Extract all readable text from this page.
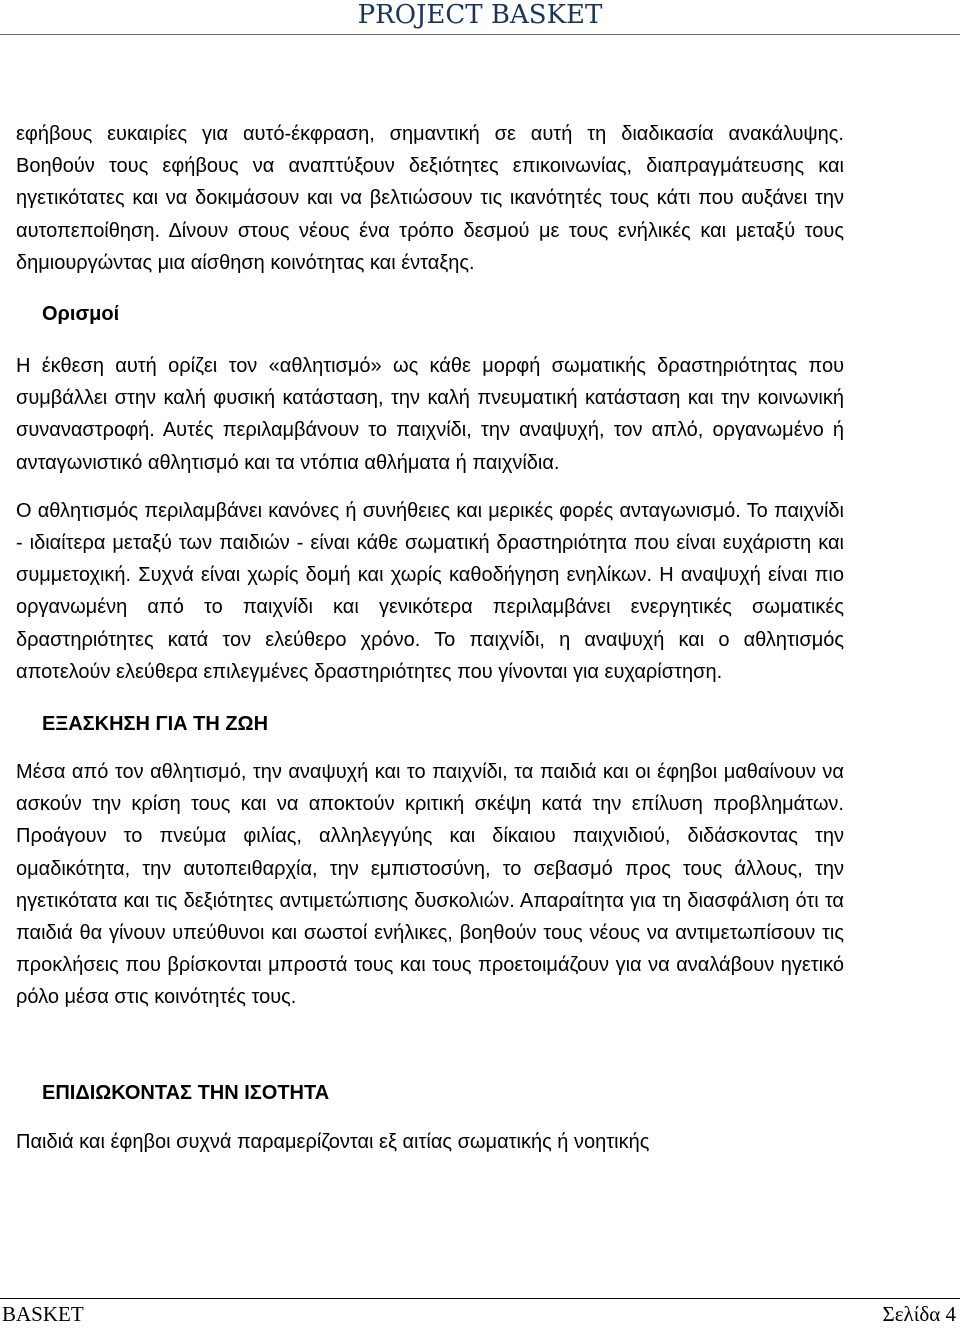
PROJECT BASKET

εφήβους ευκαιρίες για αυτό-έκφραση, σημαντική σε αυτή τη διαδικασία ανακάλυψης. Βοηθούν τους εφήβους να αναπτύξουν δεξιότητες επικοινωνίας, διαπραγμάτευσης και ηγετικότατες και να δοκιμάσουν και να βελτιώσουν τις ικανότητές τους κάτι που αυξάνει την αυτοπεποίθηση. Δίνουν στους νέους ένα τρόπο δεσμού με τους ενήλικές και μεταξύ τους δημιουργώντας μια αίσθηση κοινότητας και ένταξης.

Ορισμοί

Η έκθεση αυτή ορίζει τον «αθλητισμό» ως κάθε μορφή σωματικής δραστηριότητας που συμβάλλει στην καλή φυσική κατάσταση, την καλή πνευματική κατάσταση και την κοινωνική συναναστροφή. Αυτές περιλαμβάνουν το παιχνίδι, την αναψυχή, τον απλό, οργανωμένο ή ανταγωνιστικό αθλητισμό και τα ντόπια αθλήματα ή παιχνίδια.

Ο αθλητισμός περιλαμβάνει κανόνες ή συνήθειες και μερικές φορές ανταγωνισμό. Το παιχνίδι - ιδιαίτερα μεταξύ των παιδιών - είναι κάθε σωματική δραστηριότητα που είναι ευχάριστη και συμμετοχική. Συχνά είναι χωρίς δομή και χωρίς καθοδήγηση ενηλίκων. Η αναψυχή είναι πιο οργανωμένη από το παιχνίδι και γενικότερα περιλαμβάνει ενεργητικές σωματικές δραστηριότητες κατά τον ελεύθερο χρόνο. Το παιχνίδι, η αναψυχή και ο αθλητισμός αποτελούν ελεύθερα επιλεγμένες δραστηριότητες που γίνονται για ευχαρίστηση.

ΕΞΑΣΚΗΣΗ ΓΙΑ ΤΗ ΖΩΗ

Μέσα από τον αθλητισμό, την αναψυχή και το παιχνίδι, τα παιδιά και οι έφηβοι μαθαίνουν να ασκούν την κρίση τους και να αποκτούν κριτική σκέψη κατά την επίλυση προβλημάτων. Προάγουν το πνεύμα φιλίας, αλληλεγγύης και δίκαιου παιχνιδιού, διδάσκοντας την ομαδικότητα, την αυτοπειθαρχία, την εμπιστοσύνη, το σεβασμό προς τους άλλους, την ηγετικότατα και τις δεξιότητες αντιμετώπισης δυσκολιών. Απαραίτητα για τη διασφάλιση ότι τα παιδιά θα γίνουν υπεύθυνοι και σωστοί ενήλικες, βοηθούν τους νέους να αντιμετωπίσουν τις προκλήσεις που βρίσκονται μπροστά τους και τους προετοιμάζουν για να αναλάβουν ηγετικό ρόλο μέσα στις κοινότητές τους.

ΕΠΙΔΙΩΚΟΝΤΑΣ ΤΗΝ ΙΣΟΤΗΤΑ

Παιδιά και έφηβοι συχνά παραμερίζονται εξ αιτίας σωματικής ή νοητικής

BASKET	Σελίδα 4
